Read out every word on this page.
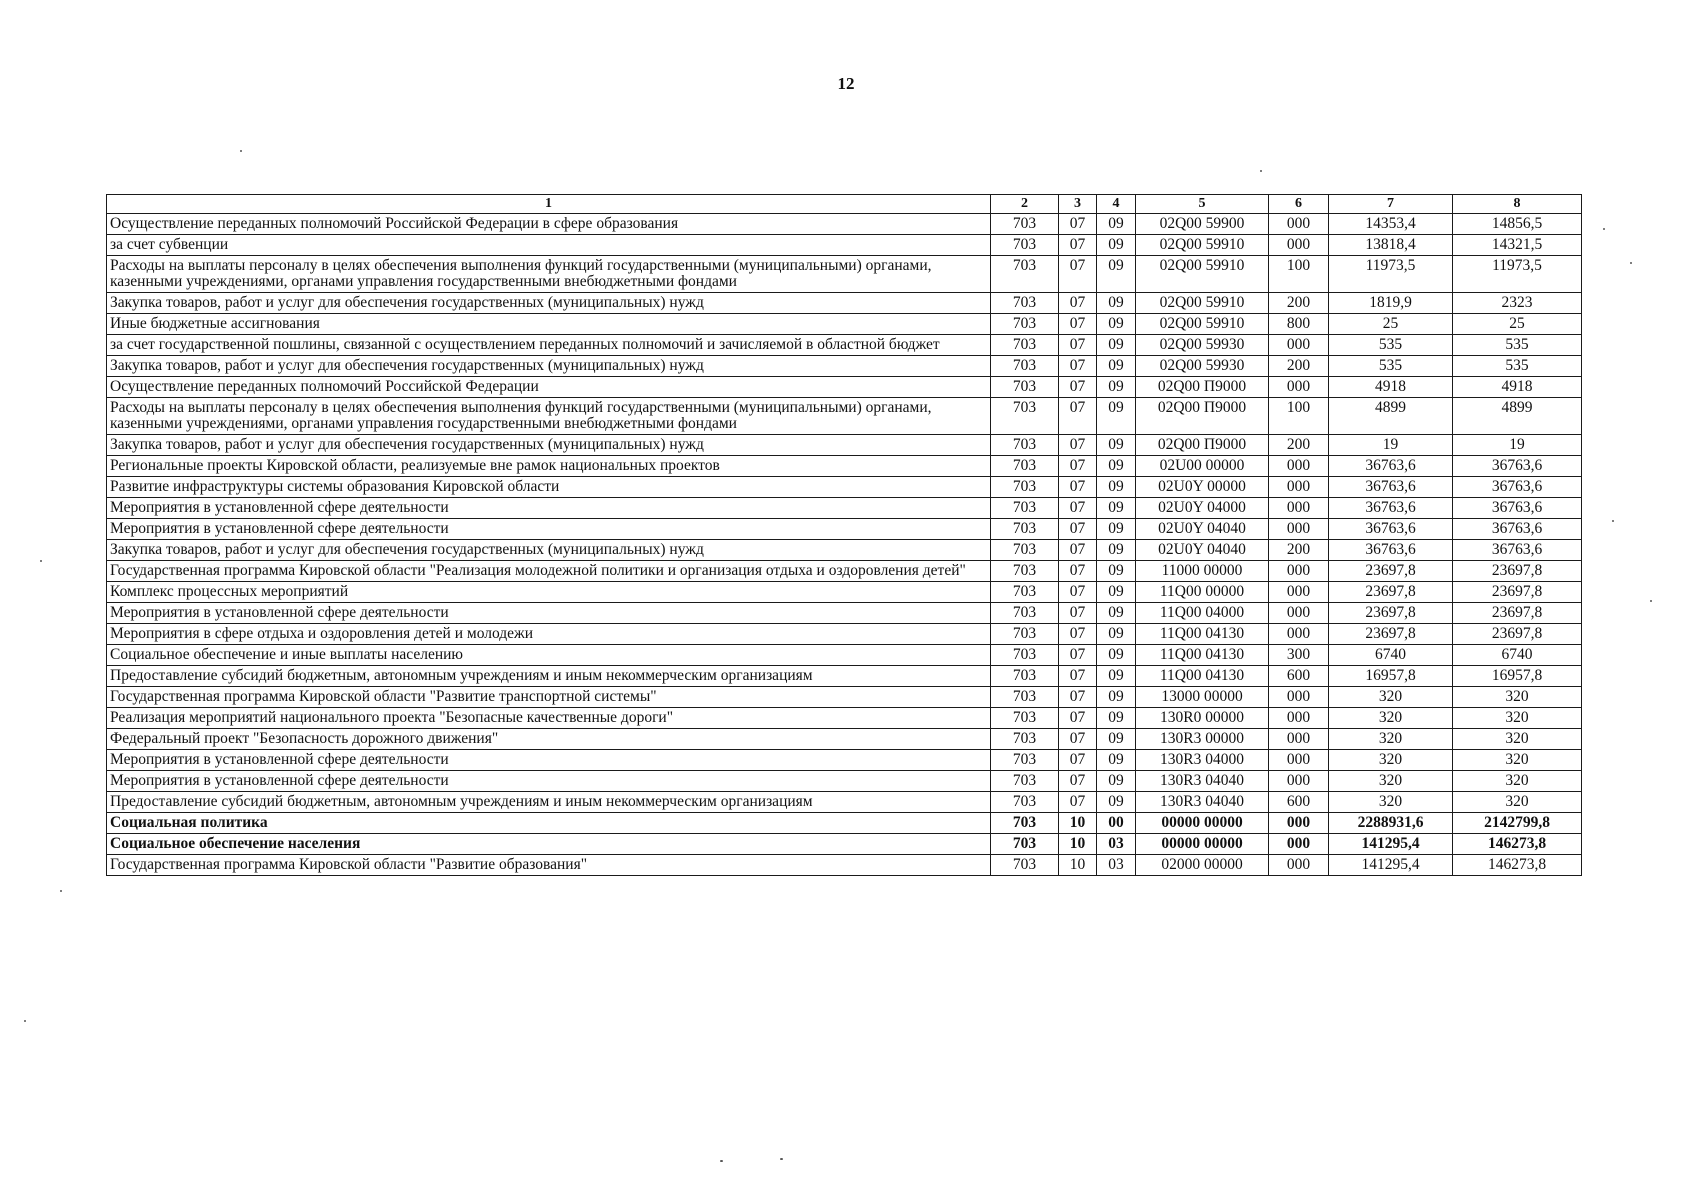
12
1	2	3	4	5	6	7	8
Осуществление переданных полномочий Российской Федерации в сфере образования	703	07	09	02Q00 59900	000	14353,4	14856,5
за счет субвенции	703	07	09	02Q00 59910	000	13818,4	14321,5
Расходы на выплаты персоналу в целях обеспечения выполнения функций государственными (муниципальными) органами, казенными учреждениями, органами управления государственными внебюджетными фондами	703	07	09	02Q00 59910	100	11973,5	11973,5
Закупка товаров, работ и услуг для обеспечения государственных (муниципальных) нужд	703	07	09	02Q00 59910	200	1819,9	2323
Иные бюджетные ассигнования	703	07	09	02Q00 59910	800	25	25
за счет государственной пошлины, связанной с осуществлением переданных полномочий и зачисляемой в областной бюджет	703	07	09	02Q00 59930	000	535	535
Закупка товаров, работ и услуг для обеспечения государственных (муниципальных) нужд	703	07	09	02Q00 59930	200	535	535
Осуществление переданных полномочий Российской Федерации	703	07	09	02Q00 П9000	000	4918	4918
Расходы на выплаты персоналу в целях обеспечения выполнения функций государственными (муниципальными) органами, казенными учреждениями, органами управления государственными внебюджетными фондами	703	07	09	02Q00 П9000	100	4899	4899
Закупка товаров, работ и услуг для обеспечения государственных (муниципальных) нужд	703	07	09	02Q00 П9000	200	19	19
Региональные проекты Кировской области, реализуемые вне рамок национальных проектов	703	07	09	02U00 00000	000	36763,6	36763,6
Развитие инфраструктуры системы образования Кировской области	703	07	09	02U0Y 00000	000	36763,6	36763,6
Мероприятия в установленной сфере деятельности	703	07	09	02U0Y 04000	000	36763,6	36763,6
Мероприятия в установленной сфере деятельности	703	07	09	02U0Y 04040	000	36763,6	36763,6
Закупка товаров, работ и услуг для обеспечения государственных (муниципальных) нужд	703	07	09	02U0Y 04040	200	36763,6	36763,6
Государственная программа Кировской области "Реализация молодежной политики и организация отдыха и оздоровления детей"	703	07	09	11000 00000	000	23697,8	23697,8
Комплекс процессных мероприятий	703	07	09	11Q00 00000	000	23697,8	23697,8
Мероприятия в установленной сфере деятельности	703	07	09	11Q00 04000	000	23697,8	23697,8
Мероприятия в сфере отдыха и оздоровления детей и молодежи	703	07	09	11Q00 04130	000	23697,8	23697,8
Социальное обеспечение и иные выплаты населению	703	07	09	11Q00 04130	300	6740	6740
Предоставление субсидий бюджетным, автономным учреждениям и иным некоммерческим организациям	703	07	09	11Q00 04130	600	16957,8	16957,8
Государственная программа Кировской области "Развитие транспортной системы"	703	07	09	13000 00000	000	320	320
Реализация мероприятий национального проекта "Безопасные качественные дороги"	703	07	09	130R0 00000	000	320	320
Федеральный проект "Безопасность дорожного движения"	703	07	09	130R3 00000	000	320	320
Мероприятия в установленной сфере деятельности	703	07	09	130R3 04000	000	320	320
Мероприятия в установленной сфере деятельности	703	07	09	130R3 04040	000	320	320
Предоставление субсидий бюджетным, автономным учреждениям и иным некоммерческим организациям	703	07	09	130R3 04040	600	320	320
Социальная политика	703	10	00	00000 00000	000	2288931,6	2142799,8
Социальное обеспечение населения	703	10	03	00000 00000	000	141295,4	146273,8
Государственная программа Кировской области "Развитие образования"	703	10	03	02000 00000	000	141295,4	146273,8
